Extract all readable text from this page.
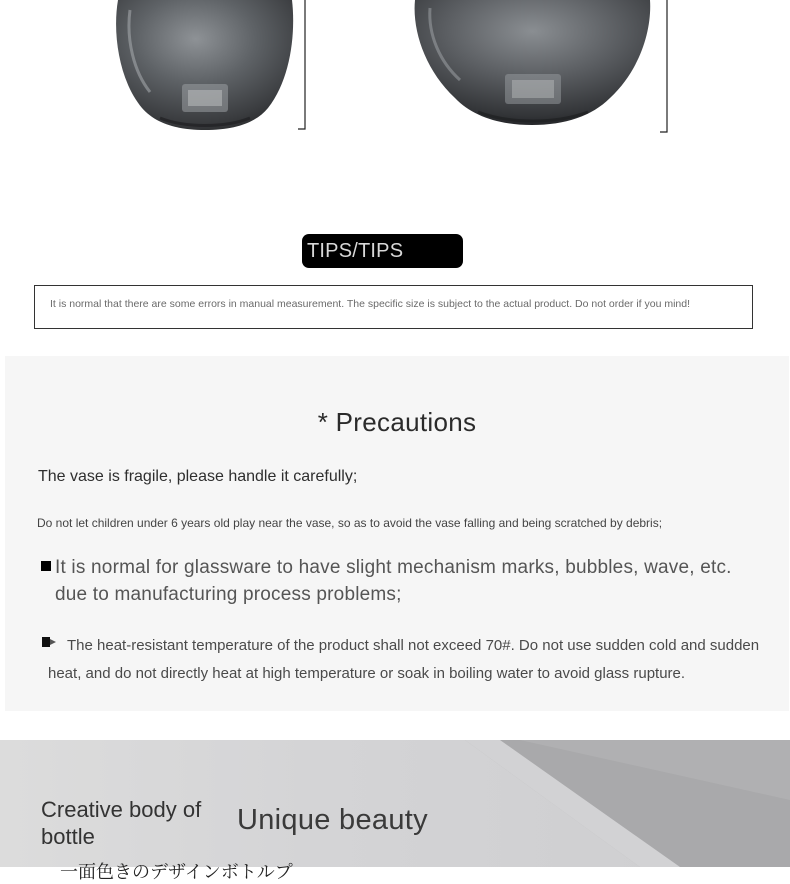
TIPS/TIPS
It is normal that there are some errors in manual measurement. The specific size is subject to the actual product. Do not order if you mind!
* Precautions
The vase is fragile, please handle it carefully;
Do not let children under 6 years old play near the vase, so as to avoid the vase falling and being scratched by debris;
It is normal for glassware to have slight mechanism marks, bubbles, wave, etc. due to manufacturing process problems;
The heat-resistant temperature of the product shall not exceed 70#. Do not use sudden cold and sudden heat, and do not directly heat at high temperature or soak in boiling water to avoid glass rupture.
Creative body of bottle
Unique beauty
一面色きのデザインボトルプ
